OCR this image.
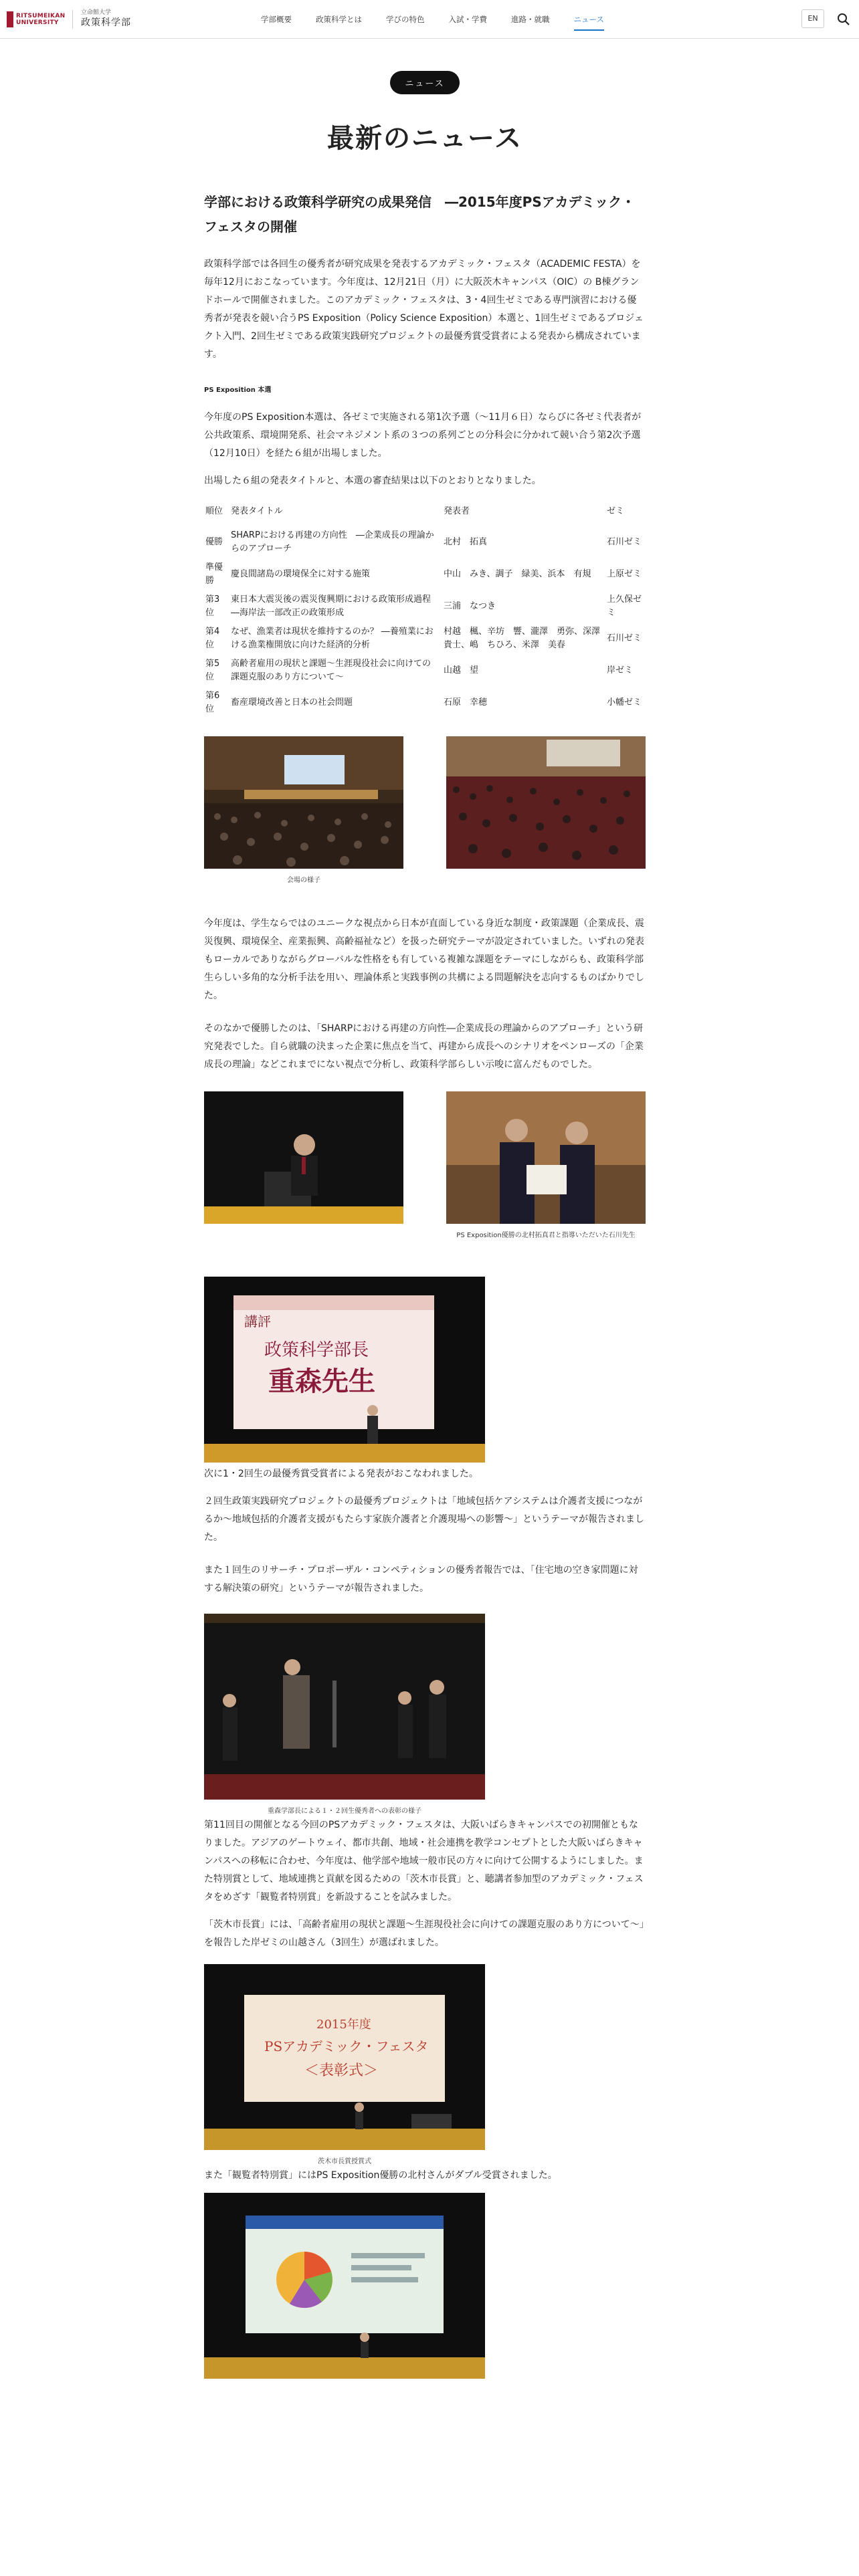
RITSUMEIKAN UNIVERSITY
立命館大学
政策科学部	学部概要	政策科学とは	学びの特色	入試・学費	進路・就職	ニュース	EN
ニュース
最新のニュース
学部における政策科学研究の成果発信　―2015年度PSアカデミック・フェスタの開催

政策科学部では各回生の優秀者が研究成果を発表するアカデミック・フェスタ（ACADEMIC FESTA）を毎年12月におこなっています。今年度は、12月21日（月）に大阪茨木キャンパス（OIC）の B棟グランドホールで開催されました。このアカデミック・フェスタは、3・4回生ゼミである専門演習における優秀者が発表を競い合うPS Exposition（Policy Science Exposition）本選と、1回生ゼミであるプロジェクト入門、2回生ゼミである政策実践研究プロジェクトの最優秀賞受賞者による発表から構成されています。

PS Exposition 本選

今年度のPS Exposition本選は、各ゼミで実施される第1次予選（～11月６日）ならびに各ゼミ代表者が公共政策系、環境開発系、社会マネジメント系の３つの系列ごとの分科会に分かれて競い合う第2次予選（12月10日）を経た６組が出場しました。

出場した６組の発表タイトルと、本選の審査結果は以下のとおりとなりました。

順位	発表タイトル	発表者	ゼミ
優勝	SHARPにおける再建の方向性　―企業成長の理論からのアプローチ	北村　拓真	石川ゼミ
準優勝	慶良間諸島の環境保全に対する施策	中山　みき、調子　緑美、浜本　有規	上原ゼミ
第3位	東日本大震災後の震災復興期における政策形成過程　―海岸法一部改正の政策形成	三浦　なつき	上久保ゼミ
第4位	なぜ、漁業者は現状を維持するのか？ ―養殖業における漁業権開放に向けた経済的分析	村越　楓、辛坊　響、瀧澤　勇弥、深澤　貴士、嶋　ちひろ、米澤　美春	石川ゼミ
第5位	高齢者雇用の現状と課題～生涯現役社会に向けての課題克服のあり方について～	山越　望	岸ゼミ
第6位	畜産環境改善と日本の社会問題	石原　幸穂	小幡ゼミ
会場の様子

今年度は、学生ならではのユニークな視点から日本が直面している身近な制度・政策課題（企業成長、震災復興、環境保全、産業振興、高齢福祉など）を扱った研究テーマが設定されていました。いずれの発表もローカルでありながらグローバルな性格をも有している複雑な課題をテーマにしながらも、政策科学部生らしい多角的な分析手法を用い、理論体系と実践事例の共構による問題解決を志向するものばかりでした。

そのなかで優勝したのは、「SHARPにおける再建の方向性―企業成長の理論からのアプローチ」という研究発表でした。自ら就職の決まった企業に焦点を当て、再建から成長へのシナリオをペンローズの「企業成長の理論」などこれまでにない視点で分析し、政策科学部らしい示唆に富んだものでした。

PS Exposition優勝の北村拓真君と指導いただいた石川先生
講評
政策科学部長
重森先生

次に1・2回生の最優秀賞受賞者による発表がおこなわれました。

２回生政策実践研究プロジェクトの最優秀プロジェクトは「地域包括ケアシステムは介護者支援につながるか～地域包括的介護者支援がもたらす家族介護者と介護現場への影響～」というテーマが報告されました。

また１回生のリサーチ・プロポーザル・コンペティションの優秀者報告では、「住宅地の空き家問題に対する解決策の研究」というテーマが報告されました。

重森学部長による１・２回生優秀者への表彰の様子

第11回目の開催となる今回のPSアカデミック・フェスタは、大阪いばらきキャンパスでの初開催ともなりました。アジアのゲートウェイ、都市共創、地域・社会連携を教学コンセプトとした大阪いばらきキャンパスへの移転に合わせ、今年度は、他学部や地域一般市民の方々に向けて公開するようにしました。また特別賞として、地域連携と貢献を図るための「茨木市長賞」と、聴講者参加型のアカデミック・フェスタをめざす「観覧者特別賞」を新設することを試みました。

「茨木市長賞」には、「高齢者雇用の現状と課題～生涯現役社会に向けての課題克服のあり方について～」を報告した岸ゼミの山越さん（3回生）が選ばれました。

2015年度
PSアカデミック・フェスタ
＜表彰式＞
茨木市長賞授賞式

また「観覧者特別賞」にはPS Exposition優勝の北村さんがダブル受賞されました。
